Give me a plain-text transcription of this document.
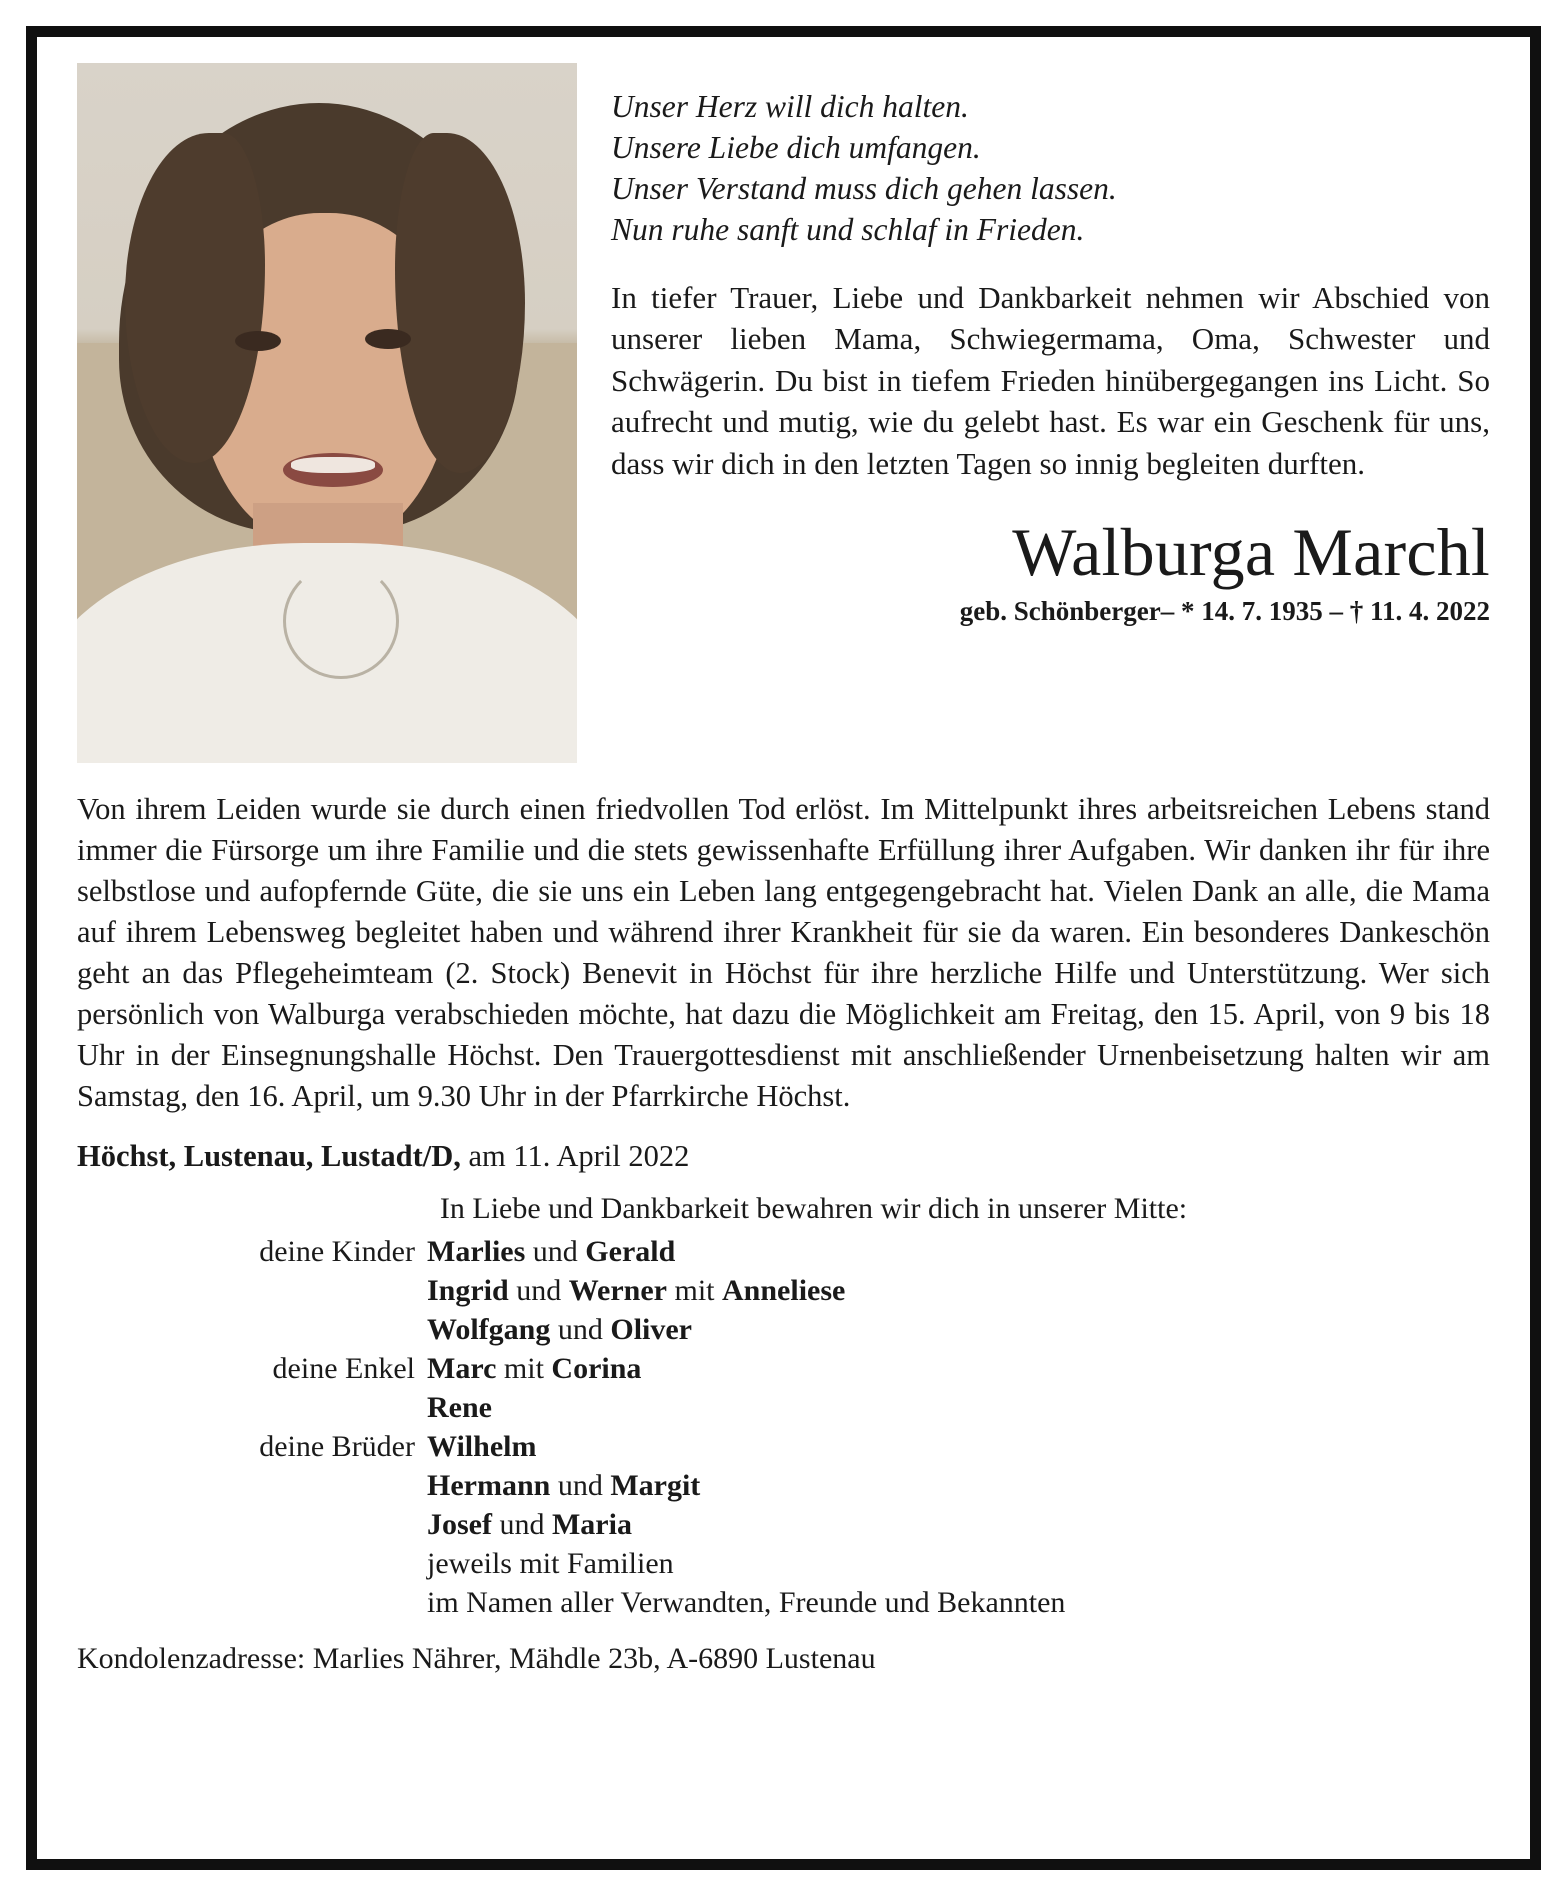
Unser Herz will dich halten.
Unsere Liebe dich umfangen.
Unser Verstand muss dich gehen lassen.
Nun ruhe sanft und schlaf in Frieden.
In tiefer Trauer, Liebe und Dankbarkeit nehmen wir Abschied von unserer lieben Mama, Schwiegermama, Oma, Schwester und Schwägerin. Du bist in tiefem Frieden hinübergegangen ins Licht. So aufrecht und mutig, wie du gelebt hast. Es war ein Geschenk für uns, dass wir dich in den letzten Tagen so innig begleiten durften.
Walburga Marchl
geb. Schönberger– * 14. 7. 1935 – † 11. 4. 2022
Von ihrem Leiden wurde sie durch einen friedvollen Tod erlöst. Im Mittelpunkt ihres arbeitsreichen Lebens stand immer die Fürsorge um ihre Familie und die stets gewissenhafte Erfüllung ihrer Aufgaben. Wir danken ihr für ihre selbstlose und aufopfernde Güte, die sie uns ein Leben lang entgegengebracht hat. Vielen Dank an alle, die Mama auf ihrem Lebensweg begleitet haben und während ihrer Krankheit für sie da waren. Ein besonderes Dankeschön geht an das Pflegeheimteam (2. Stock) Benevit in Höchst für ihre herzliche Hilfe und Unterstützung. Wer sich persönlich von Walburga verabschieden möchte, hat dazu die Möglichkeit am Freitag, den 15. April, von 9 bis 18 Uhr in der Einsegnungshalle Höchst. Den Trauergottesdienst mit anschließender Urnenbeisetzung halten wir am Samstag, den 16. April, um 9.30 Uhr in der Pfarrkirche Höchst.
Höchst, Lustenau, Lustadt/D, am 11. April 2022
In Liebe und Dankbarkeit bewahren wir dich in unserer Mitte:
deine Kinder Marlies und Gerald
Ingrid und Werner mit Anneliese
Wolfgang und Oliver
deine Enkel Marc mit Corina
Rene
deine Brüder Wilhelm
Hermann und Margit
Josef und Maria
jeweils mit Familien
im Namen aller Verwandten, Freunde und Bekannten
Kondolenzadresse: Marlies Nährer, Mähdle 23b, A-6890 Lustenau
